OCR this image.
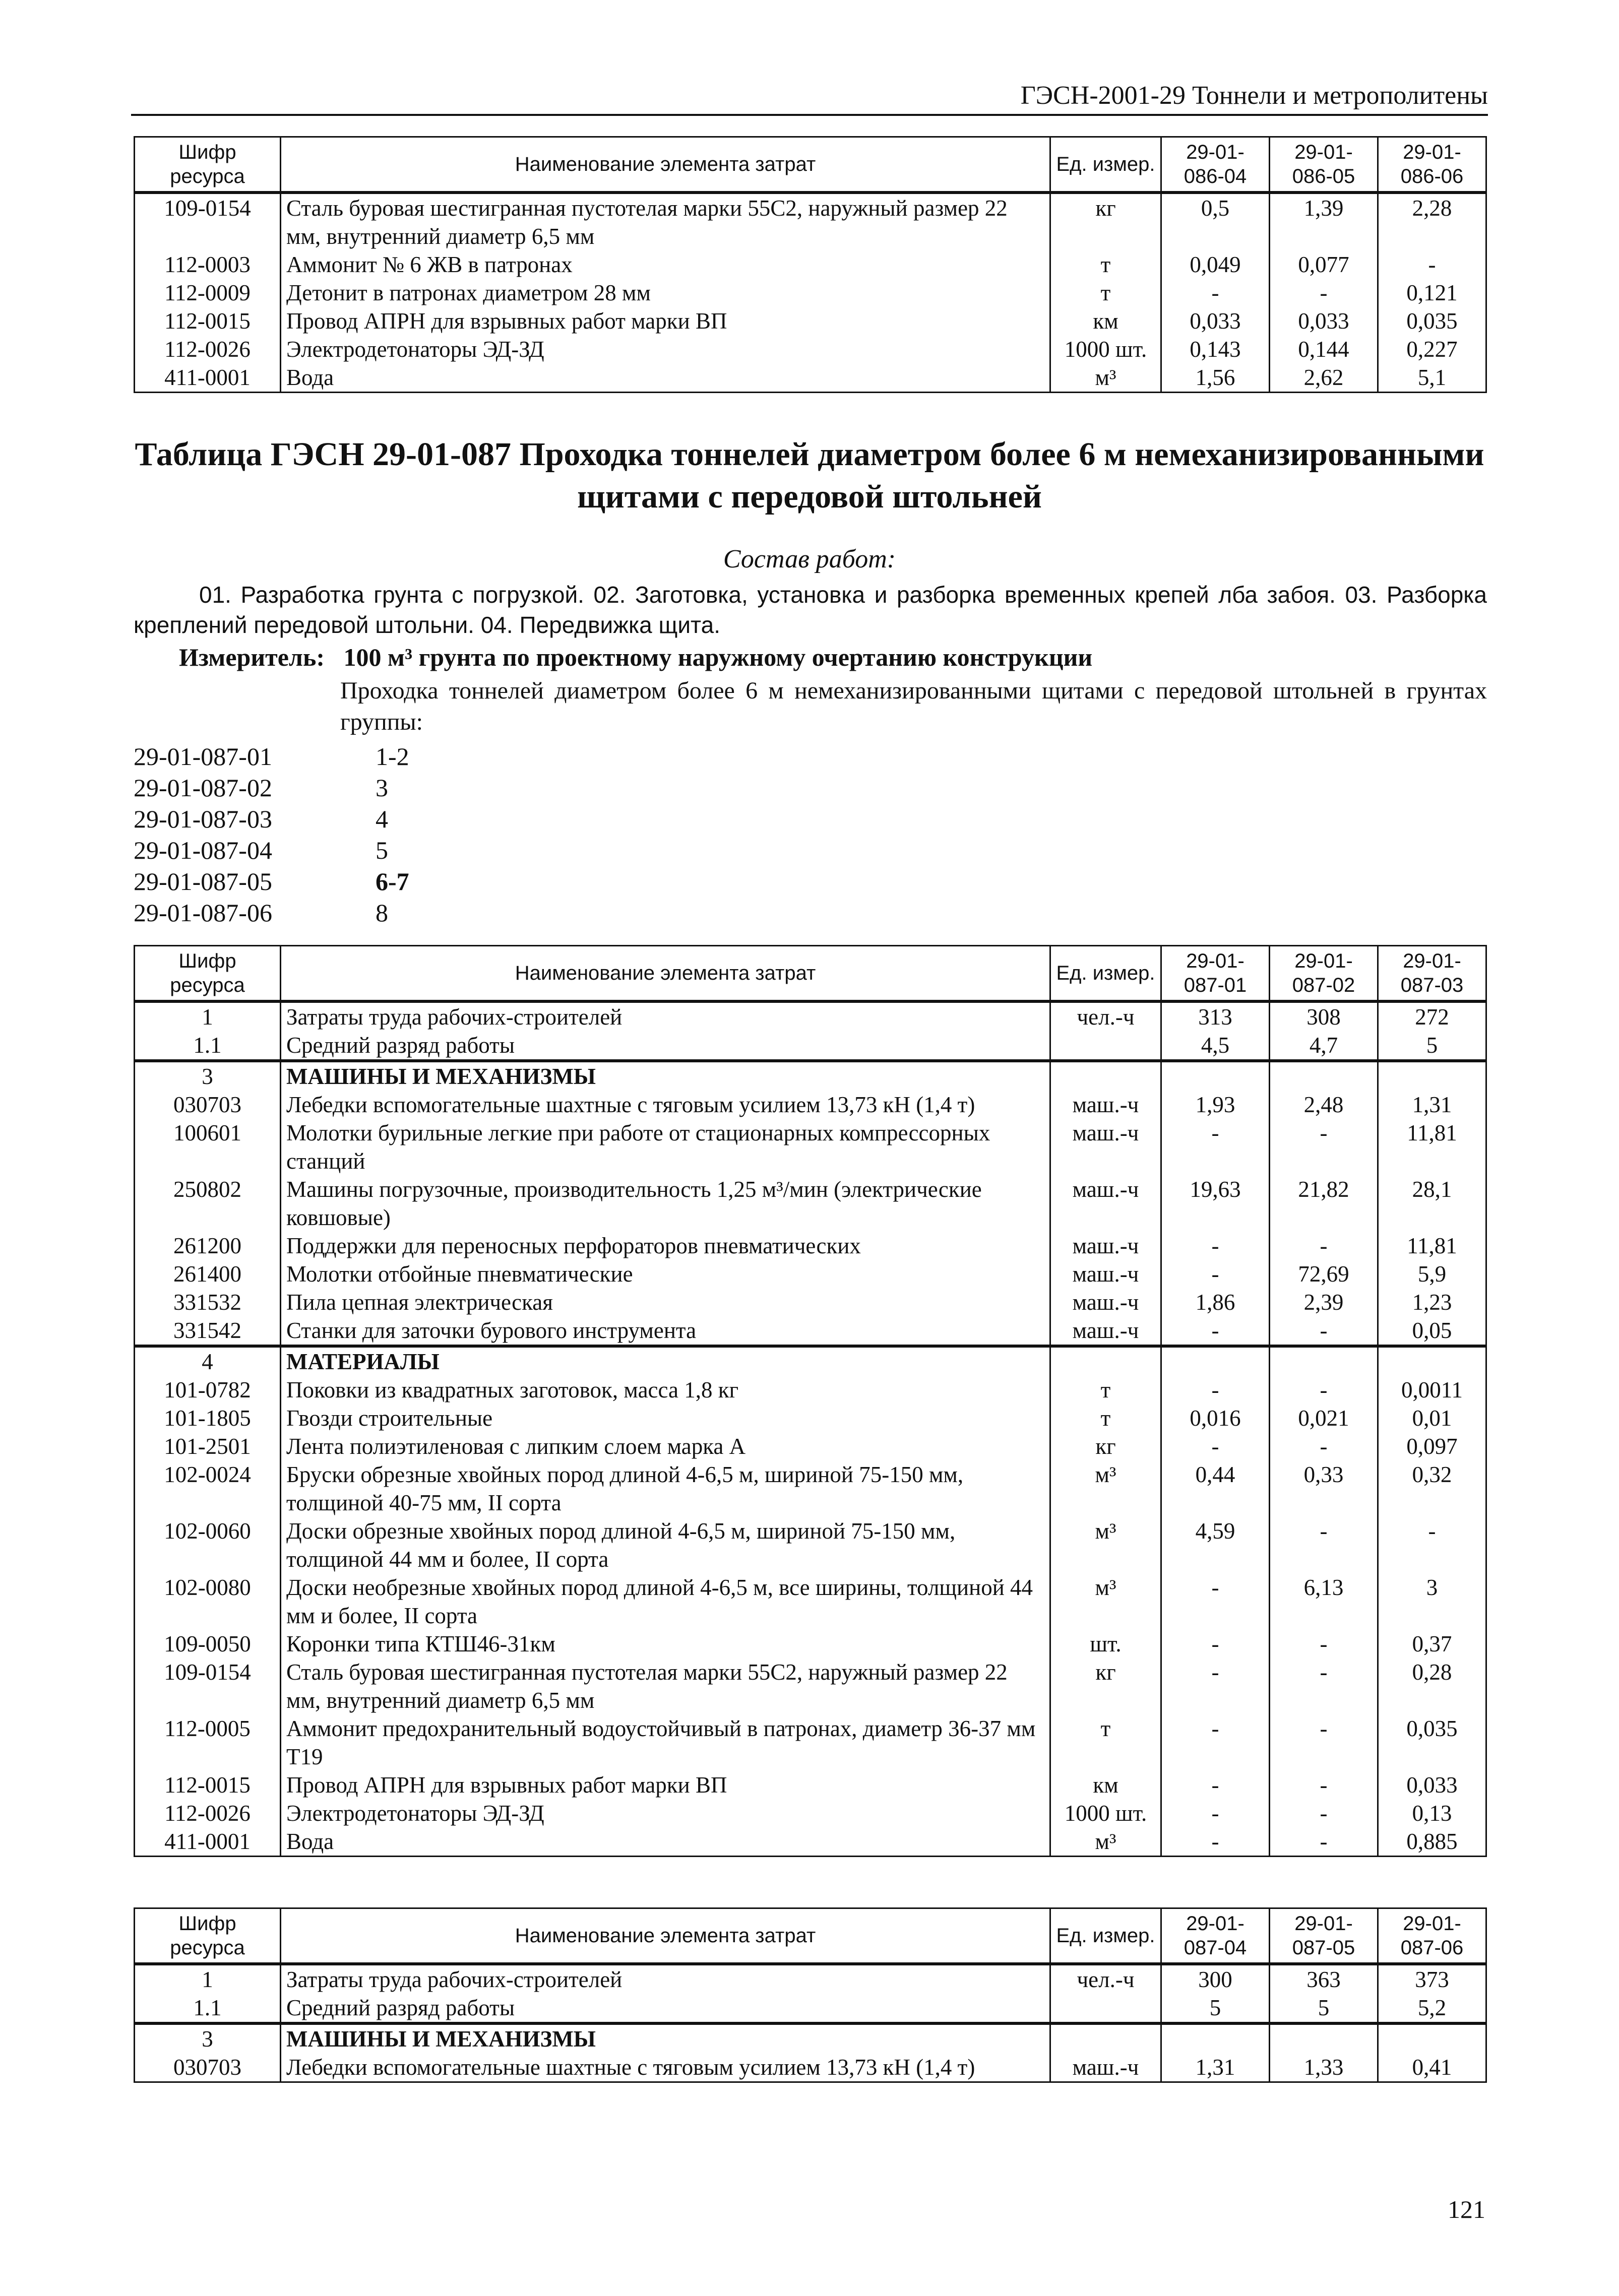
ГЭСН-2001-29 Тоннели и метрополитены
Шифр ресурса	Наименование элемента затрат	Ед. измер.	29-01-086-04	29-01-086-05	29-01-086-06
109-0154	Сталь буровая шестигранная пустотелая марки 55С2, наружный размер 22 мм, внутренний диаметр 6,5 мм	кг	0,5	1,39	2,28
112-0003	Аммонит № 6 ЖВ в патронах	т	0,049	0,077	-
112-0009	Детонит в патронах диаметром 28 мм	т	-	-	0,121
112-0015	Провод АПРН для взрывных работ марки ВП	км	0,033	0,033	0,035
112-0026	Электродетонаторы ЭД-ЗД	1000 шт.	0,143	0,144	0,227
411-0001	Вода	м³	1,56	2,62	5,1
Таблица ГЭСН 29-01-087 Проходка тоннелей диаметром более 6 м немеханизированными щитами с передовой штольней
Состав работ:
01. Разработка грунта с погрузкой. 02. Заготовка, установка и разборка временных крепей лба забоя. 03. Разборка креплений передовой штольни. 04. Передвижка щита.
Измеритель: 100 м³ грунта по проектному наружному очертанию конструкции
Проходка тоннелей диаметром более 6 м немеханизированными щитами с передовой штольней в грунтах группы:
29-01-087-01	1-2
29-01-087-02	3
29-01-087-03	4
29-01-087-04	5
29-01-087-05	6-7
29-01-087-06	8
Шифр ресурса	Наименование элемента затрат	Ед. измер.	29-01-087-01	29-01-087-02	29-01-087-03
1	Затраты труда рабочих-строителей	чел.-ч	313	308	272
1.1	Средний разряд работы		4,5	4,7	5
3	МАШИНЫ И МЕХАНИЗМЫ				
030703	Лебедки вспомогательные шахтные с тяговым усилием 13,73 кН (1,4 т)	маш.-ч	1,93	2,48	1,31
100601	Молотки бурильные легкие при работе от стационарных компрессорных станций	маш.-ч	-	-	11,81
250802	Машины погрузочные, производительность 1,25 м³/мин (электрические ковшовые)	маш.-ч	19,63	21,82	28,1
261200	Поддержки для переносных перфораторов пневматических	маш.-ч	-	-	11,81
261400	Молотки отбойные пневматические	маш.-ч	-	72,69	5,9
331532	Пила цепная электрическая	маш.-ч	1,86	2,39	1,23
331542	Станки для заточки бурового инструмента	маш.-ч	-	-	0,05
4	МАТЕРИАЛЫ				
101-0782	Поковки из квадратных заготовок, масса 1,8 кг	т	-	-	0,0011
101-1805	Гвозди строительные	т	0,016	0,021	0,01
101-2501	Лента полиэтиленовая с липким слоем марка А	кг	-	-	0,097
102-0024	Бруски обрезные хвойных пород длиной 4-6,5 м, шириной 75-150 мм, толщиной 40-75 мм, II сорта	м³	0,44	0,33	0,32
102-0060	Доски обрезные хвойных пород длиной 4-6,5 м, шириной 75-150 мм, толщиной 44 мм и более, II сорта	м³	4,59	-	-
102-0080	Доски необрезные хвойных пород длиной 4-6,5 м, все ширины, толщиной 44 мм и более, II сорта	м³	-	6,13	3
109-0050	Коронки типа КТШ46-31км	шт.	-	-	0,37
109-0154	Сталь буровая шестигранная пустотелая марки 55С2, наружный размер 22 мм, внутренний диаметр 6,5 мм	кг	-	-	0,28
112-0005	Аммонит предохранительный водоустойчивый в патронах, диаметр 36-37 мм Т19	т	-	-	0,035
112-0015	Провод АПРН для взрывных работ марки ВП	км	-	-	0,033
112-0026	Электродетонаторы ЭД-ЗД	1000 шт.	-	-	0,13
411-0001	Вода	м³	-	-	0,885
Шифр ресурса	Наименование элемента затрат	Ед. измер.	29-01-087-04	29-01-087-05	29-01-087-06
1	Затраты труда рабочих-строителей	чел.-ч	300	363	373
1.1	Средний разряд работы		5	5	5,2
3	МАШИНЫ И МЕХАНИЗМЫ				
030703	Лебедки вспомогательные шахтные с тяговым усилием 13,73 кН (1,4 т)	маш.-ч	1,31	1,33	0,41
121
